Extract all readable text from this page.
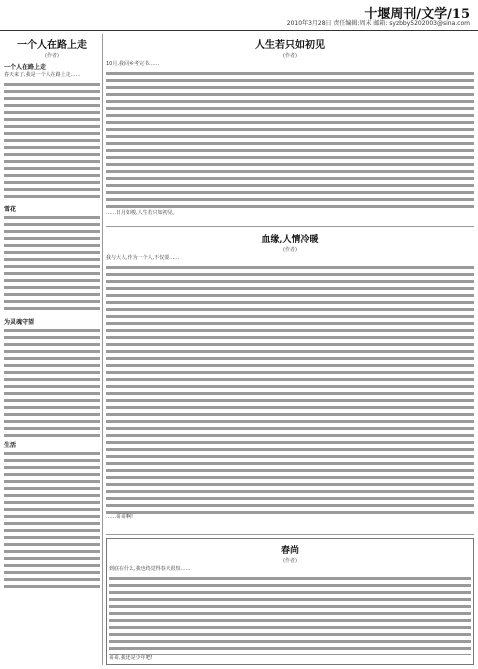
十堰周刊/文学/15
2010年3月28日 责任编辑:周末 邮箱: syzbby5202003@sina.com
一个人在路上走
(作者)
一个人在路上走
春天来了,我是一个人在路上走……
雪花
为灵魂守望
生活
人生若只如初见
(作者)
10月,我回乡考完书……
……日月如梭,人生若只如初见。
血缘,人情冷暖
(作者)
我与大人,作为一个人,不仅要……
……哥哥啊!
春尚
(作者)
到底在什么,我也终觉得春天很短……
哥哥,我还是少年吧!
